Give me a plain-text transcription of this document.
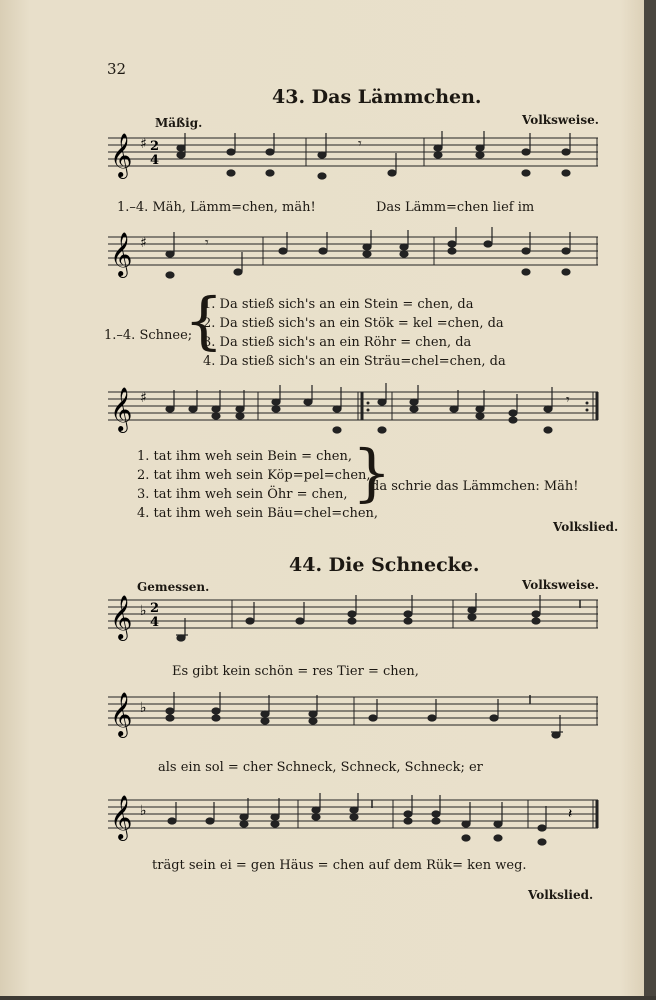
32
43. Das Lämmchen.
Mäßig.	Volksweise.
𝄞 2
4
♯	𝄾
1.–4. Mäh, Lämm=chen, mäh!	Das Lämm=chen lief im
𝄞 ♯	𝄾
1.–4. Schnee;
{
1. Da stieß sich's an ein Stein = chen, da
2. Da stieß sich's an ein Stök = kel =chen, da
3. Da stieß sich's an ein Röhr = chen, da
4. Da stieß sich's an ein Sträu=chel=chen, da
𝄞 ♯	𝄾
1. tat ihm weh sein Bein = chen,
2. tat ihm weh sein Köp=pel=chen,
3. tat ihm weh sein Öhr = chen,
4. tat ihm weh sein Bäu=chel=chen,
{
da schrie das Lämmchen: Mäh!
Volkslied.
44. Die Schnecke.
Gemessen.	Volksweise.
𝄞 ♭ 2
4
Es gibt kein schön = res Tier = chen,
𝄞 ♭
als ein sol = cher Schneck, Schneck, Schneck; er
𝄞 ♭	𝄽
trägt sein ei = gen Häus = chen auf dem Rük= ken weg.
Volkslied.
